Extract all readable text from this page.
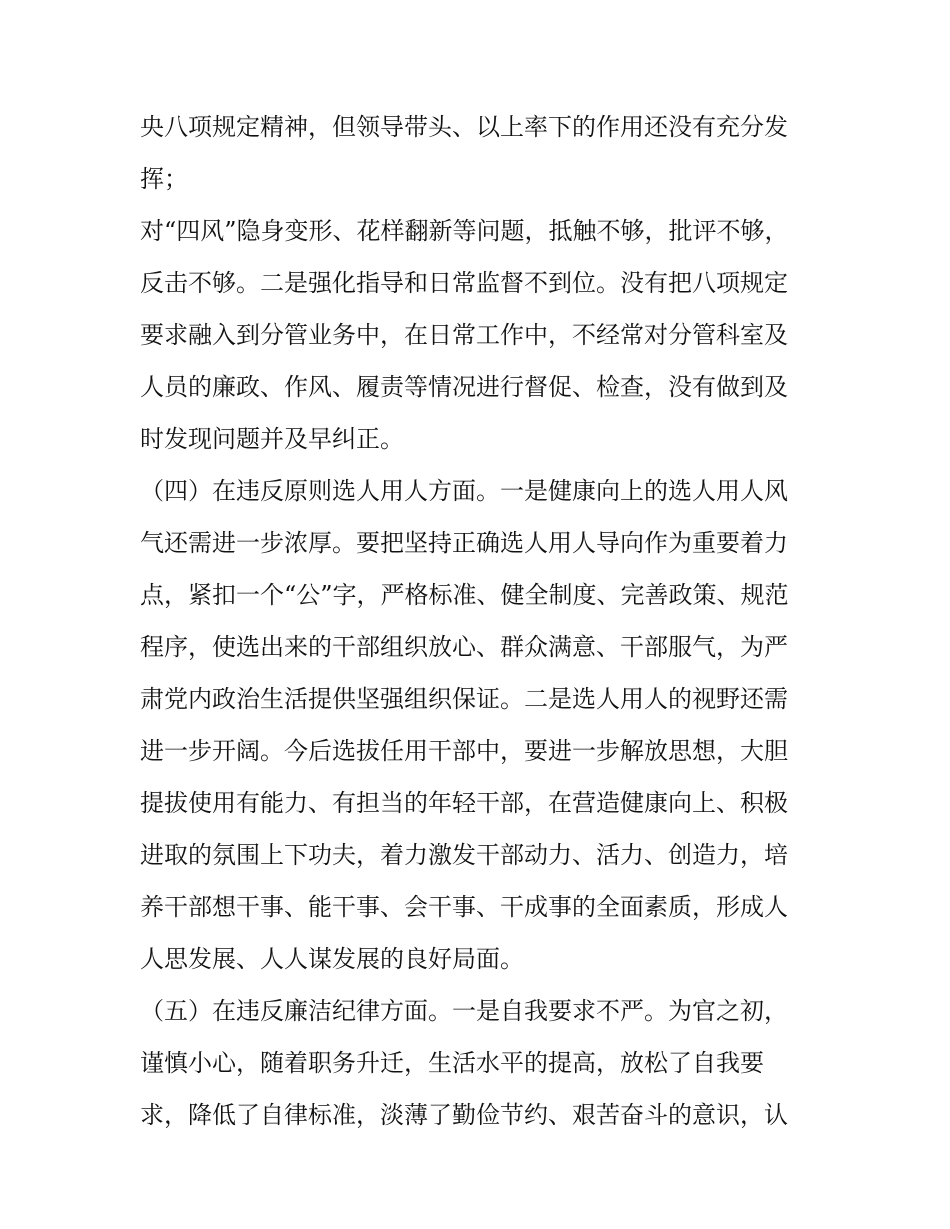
央八项规定精神，但领导带头、以上率下的作用还没有充分发

挥；

对“四风”隐身变形、花样翻新等问题，抵触不够，批评不够，

反击不够。二是强化指导和日常监督不到位。没有把八项规定

要求融入到分管业务中，在日常工作中，不经常对分管科室及

人员的廉政、作风、履责等情况进行督促、检查，没有做到及

时发现问题并及早纠正。

（四）在违反原则选人用人方面。一是健康向上的选人用人风

气还需进一步浓厚。要把坚持正确选人用人导向作为重要着力

点，紧扣一个“公”字，严格标准、健全制度、完善政策、规范

程序，使选出来的干部组织放心、群众满意、干部服气，为严

肃党内政治生活提供坚强组织保证。二是选人用人的视野还需

进一步开阔。今后选拔任用干部中，要进一步解放思想，大胆

提拔使用有能力、有担当的年轻干部，在营造健康向上、积极

进取的氛围上下功夫，着力激发干部动力、活力、创造力，培

养干部想干事、能干事、会干事、干成事的全面素质，形成人

人思发展、人人谋发展的良好局面。

（五）在违反廉洁纪律方面。一是自我要求不严。为官之初，

谨慎小心，随着职务升迁，生活水平的提高，放松了自我要

求，降低了自律标准，淡薄了勤俭节约、艰苦奋斗的意识，认
